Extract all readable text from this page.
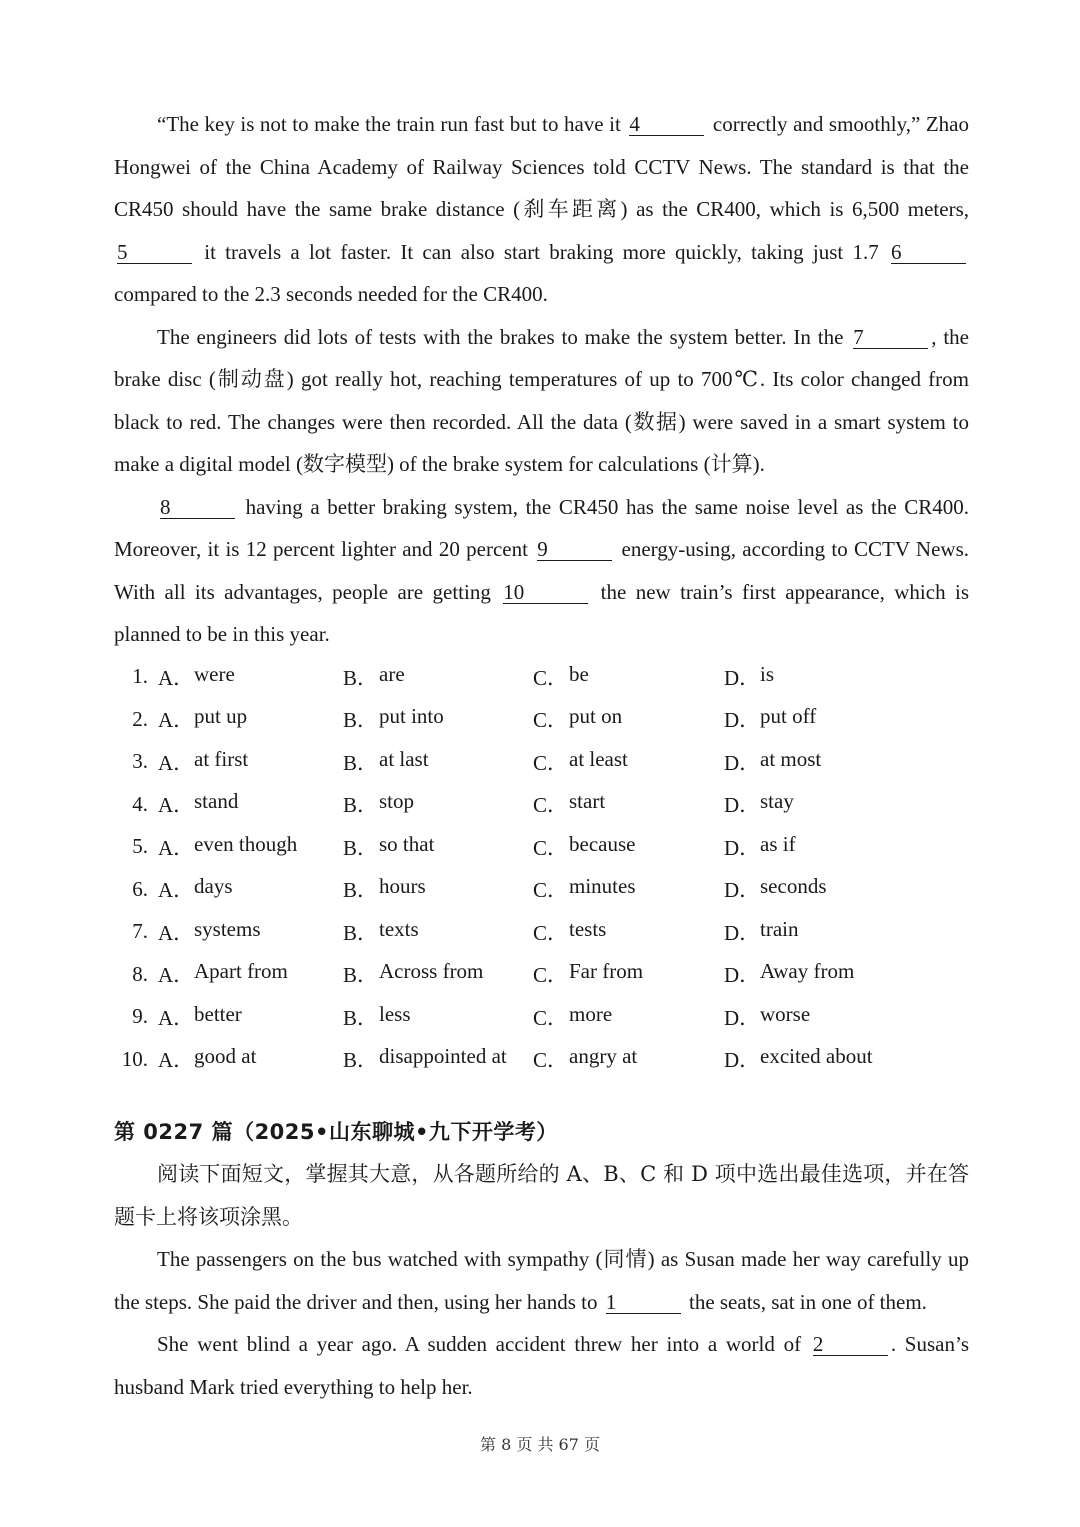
“The key is not to make the train run fast but to have it 4	correctly and smoothly,” Zhao Hongwei of the China Academy of Railway Sciences told CCTV News. The standard is that the CR450 should have the same brake distance (刹车距离) as the CR400, which is 6,500 meters, 5	it travels a lot faster. It can also start braking more quickly, taking just 1.7 6 compared to the 2.3 seconds needed for the CR400.

The engineers did lots of tests with the brakes to make the system better. In the 7	, the brake disc (制动盘) got really hot, reaching temperatures of up to 700℃. Its color changed from black to red. The changes were then recorded. All the data (数据) were saved in a smart system to make a digital model (数字模型) of the brake system for calculations (计算).

8	having a better braking system, the CR450 has the same noise level as the CR400. Moreover, it is 12 percent lighter and 20 percent 9	energy-using, according to CCTV News. With all its advantages, people are getting 10	the new train’s first appearance, which is planned to be in this year.

1. A． were	B． are	C． be	D． is
2. A． put up	B． put into	C． put on	D． put off
3. A． at first	B． at last	C． at least	D． at most
4. A． stand	B． stop	C． start	D． stay
5. A． even though B． so that	C． because	D． as if
6. A． days	B． hours	C． minutes	D． seconds
7. A． systems	B． texts	C． tests	D． train
8. A． Apart from	B． Across from C． Far from	D． Away from
9. A． better	B． less	C． more	D． worse
10. A． good at	B． disappointed at C． angry at	D． excited about
第 0227 篇（2025•山东聊城•九下开学考）

阅读下面短文，掌握其大意，从各题所给的 A、B、C 和 D 项中选出最佳选项，并在答题卡上将该项涂黑。

The passengers on the bus watched with sympathy (同情) as Susan made her way carefully up the steps. She paid the driver and then, using her hands to 1	the seats, sat in one of them.

She went blind a year ago. A sudden accident threw her into a world of 2	. Susan’s husband Mark tried everything to help her.

第 8 页 共 67 页
